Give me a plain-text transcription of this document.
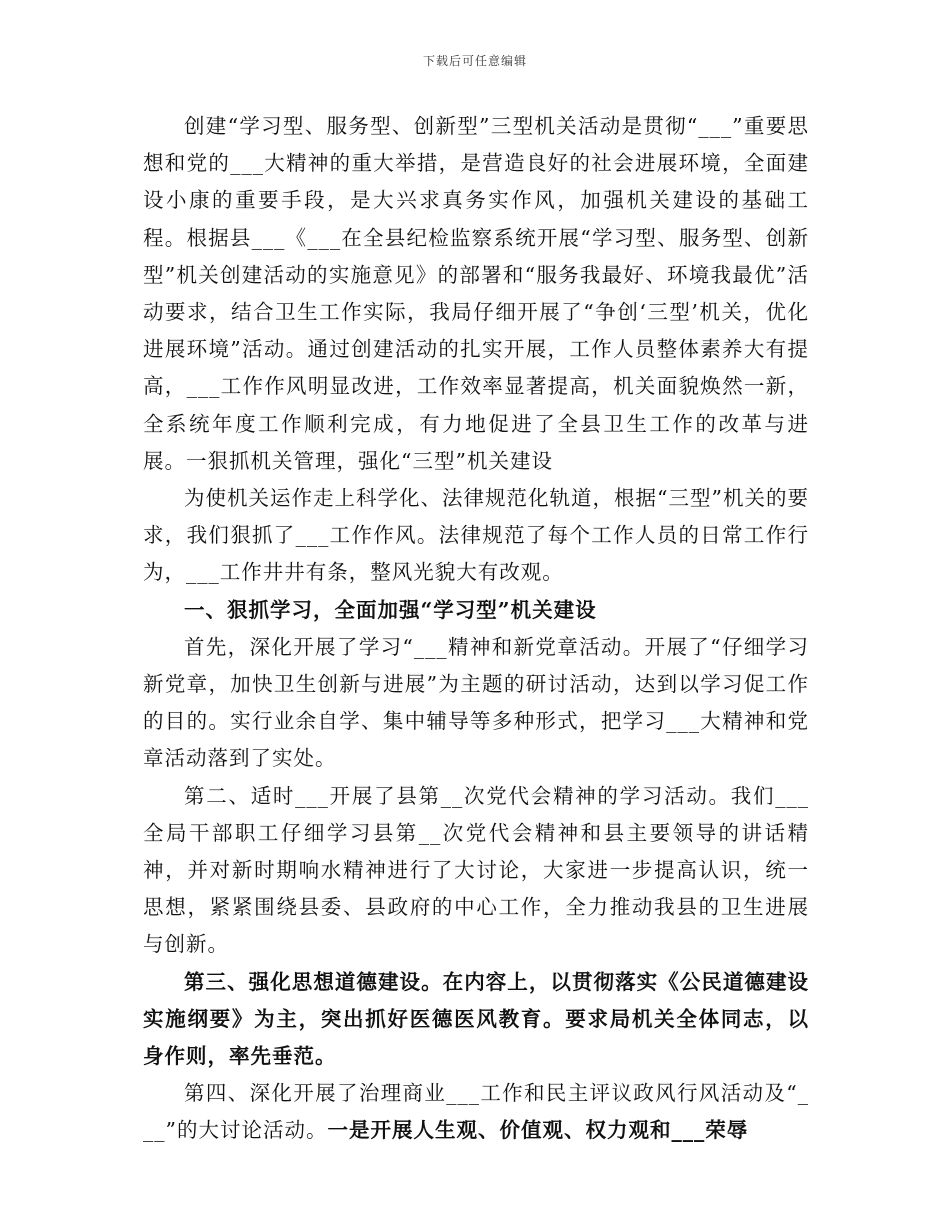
下载后可任意编辑

创建“学习型、服务型、创新型”三型机关活动是贯彻“___”重要思想和党的___大精神的重大举措，是营造良好的社会进展环境，全面建设小康的重要手段，是大兴求真务实作风，加强机关建设的基础工程。根据县___《___在全县纪检监察系统开展“学习型、服务型、创新型”机关创建活动的实施意见》的部署和“服务我最好、环境我最优”活动要求，结合卫生工作实际，我局仔细开展了“争创‘三型’机关，优化进展环境”活动。通过创建活动的扎实开展，工作人员整体素养大有提高，___工作作风明显改进，工作效率显著提高，机关面貌焕然一新，全系统年度工作顺利完成，有力地促进了全县卫生工作的改革与进展。一狠抓机关管理，强化“三型”机关建设

为使机关运作走上科学化、法律规范化轨道，根据“三型”机关的要求，我们狠抓了___工作作风。法律规范了每个工作人员的日常工作行为，___工作井井有条，整风光貌大有改观。

一、狠抓学习，全面加强“学习型”机关建设

首先，深化开展了学习“___精神和新党章活动。开展了“仔细学习新党章，加快卫生创新与进展”为主题的研讨活动，达到以学习促工作的目的。实行业余自学、集中辅导等多种形式，把学习___大精神和党章活动落到了实处。

第二、适时___开展了县第__次党代会精神的学习活动。我们___全局干部职工仔细学习县第__次党代会精神和县主要领导的讲话精神，并对新时期响水精神进行了大讨论，大家进一步提高认识，统一思想，紧紧围绕县委、县政府的中心工作，全力推动我县的卫生进展与创新。

第三、强化思想道德建设。在内容上，以贯彻落实《公民道德建设实施纲要》为主，突出抓好医德医风教育。要求局机关全体同志，以身作则，率先垂范。

第四、深化开展了治理商业___工作和民主评议政风行风活动及“___”的大讨论活动。一是开展人生观、价值观、权力观和___荣辱
